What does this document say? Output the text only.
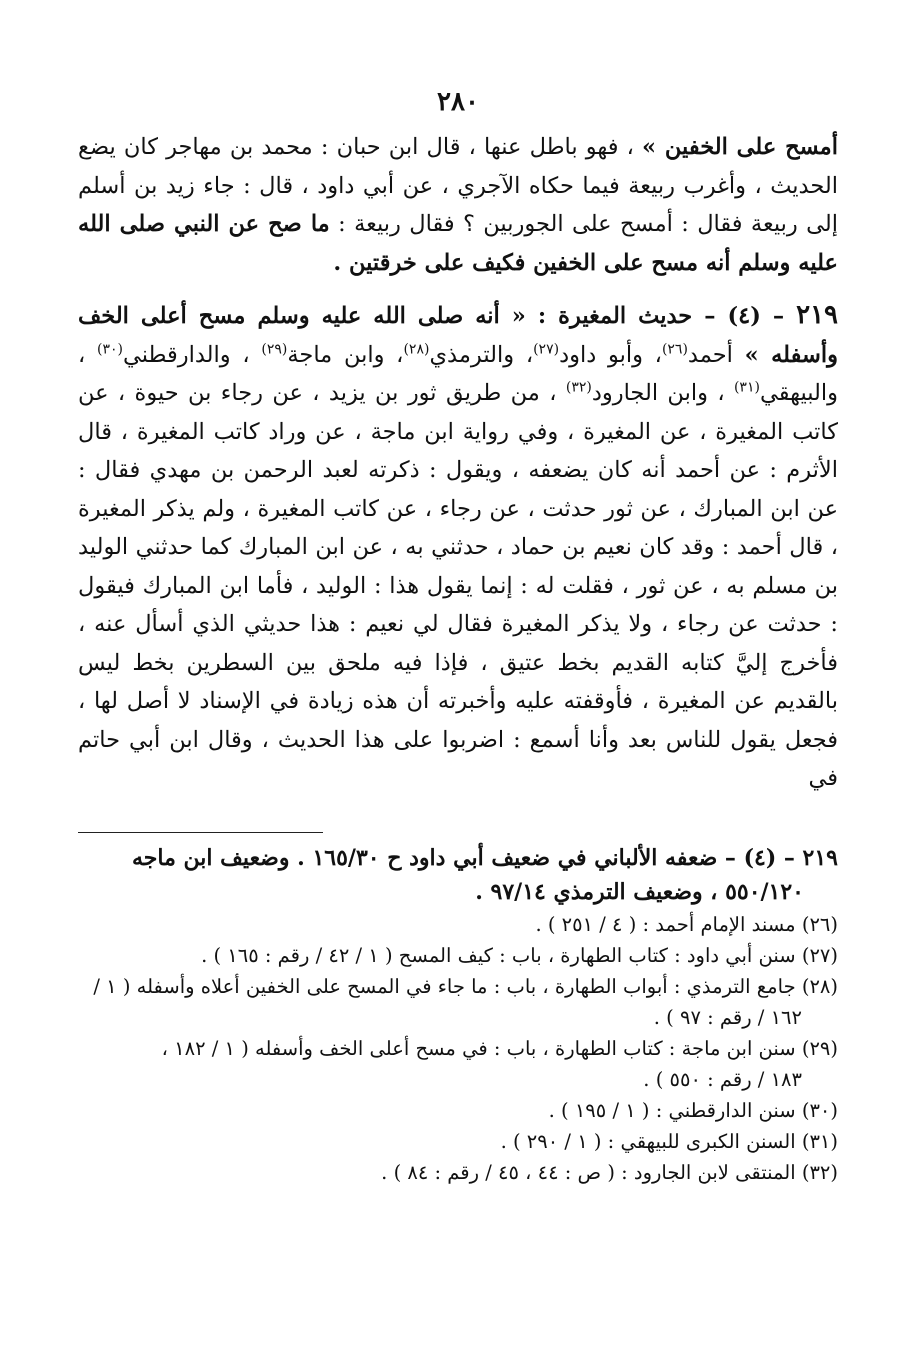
٢٨٠

أمسح على الخفين » ، فهو باطل عنها ، قال ابن حبان : محمد بن مهاجر كان يضع الحديث ، وأغرب ربيعة فيما حكاه الآجري ، عن أبي داود ، قال : جاء زيد بن أسلم إلى ربيعة فقال : أمسح على الجوربين ؟ فقال ربيعة : ما صح عن النبي صلى الله عليه وسلم أنه مسح على الخفين فكيف على خرقتين .

٢١٩ – (٤) – حديث المغيرة : « أنه صلى الله عليه وسلم مسح أعلى الخف وأسفله » أحمد$^{(٢٦)}$، وأبو داود$^{(٢٧)}$، والترمذي$^{(٢٨)}$، وابن ماجة$^{(٢٩)}$ ، والدارقطني$^{(٣٠)}$ ، والبيهقي$^{(٣١)}$ ، وابن الجارود$^{(٣٢)}$ ، من طريق ثور بن يزيد ، عن رجاء بن حيوة ، عن كاتب المغيرة ، عن المغيرة ، وفي رواية ابن ماجة ، عن وراد كاتب المغيرة ، قال الأثرم : عن أحمد أنه كان يضعفه ، ويقول : ذكرته لعبد الرحمن بن مهدي فقال : عن ابن المبارك ، عن ثور حدثت ، عن رجاء ، عن كاتب المغيرة ، ولم يذكر المغيرة ، قال أحمد : وقد كان نعيم بن حماد ، حدثني به ، عن ابن المبارك كما حدثني الوليد بن مسلم به ، عن ثور ، فقلت له : إنما يقول هذا : الوليد ، فأما ابن المبارك فيقول : حدثت عن رجاء ، ولا يذكر المغيرة فقال لي نعيم : هذا حديثي الذي أسأل عنه ، فأخرج إليَّ كتابه القديم بخط عتيق ، فإذا فيه ملحق بين السطرين بخط ليس بالقديم عن المغيرة ، فأوقفته عليه وأخبرته أن هذه زيادة في الإسناد لا أصل لها ، فجعل يقول للناس بعد وأنا أسمع : اضربوا على هذا الحديث ، وقال ابن أبي حاتم في

٢١٩ – (٤) – ضعفه الألباني في ضعيف أبي داود ح ١٦٥/٣٠ . وضعيف ابن ماجه

٥٥٠/١٢٠ ، وضعيف الترمذي ٩٧/١٤ .

(٢٦) مسند الإمام أحمد : ( ٤ / ٢٥١ ) .

(٢٧) سنن أبي داود : كتاب الطهارة ، باب : كيف المسح ( ١ / ٤٢ / رقم : ١٦٥ ) .

(٢٨) جامع الترمذي : أبواب الطهارة ، باب : ما جاء في المسح على الخفين أعلاه وأسفله ( ١ /

١٦٢ / رقم : ٩٧ ) .

(٢٩) سنن ابن ماجة : كتاب الطهارة ، باب : في مسح أعلى الخف وأسفله ( ١ / ١٨٢ ،

١٨٣ / رقم : ٥٥٠ ) .

(٣٠) سنن الدارقطني : ( ١ / ١٩٥ ) .

(٣١) السنن الكبرى للبيهقي : ( ١ / ٢٩٠ ) .

(٣٢) المنتقى لابن الجارود : ( ص : ٤٤ ، ٤٥ / رقم : ٨٤ ) .
